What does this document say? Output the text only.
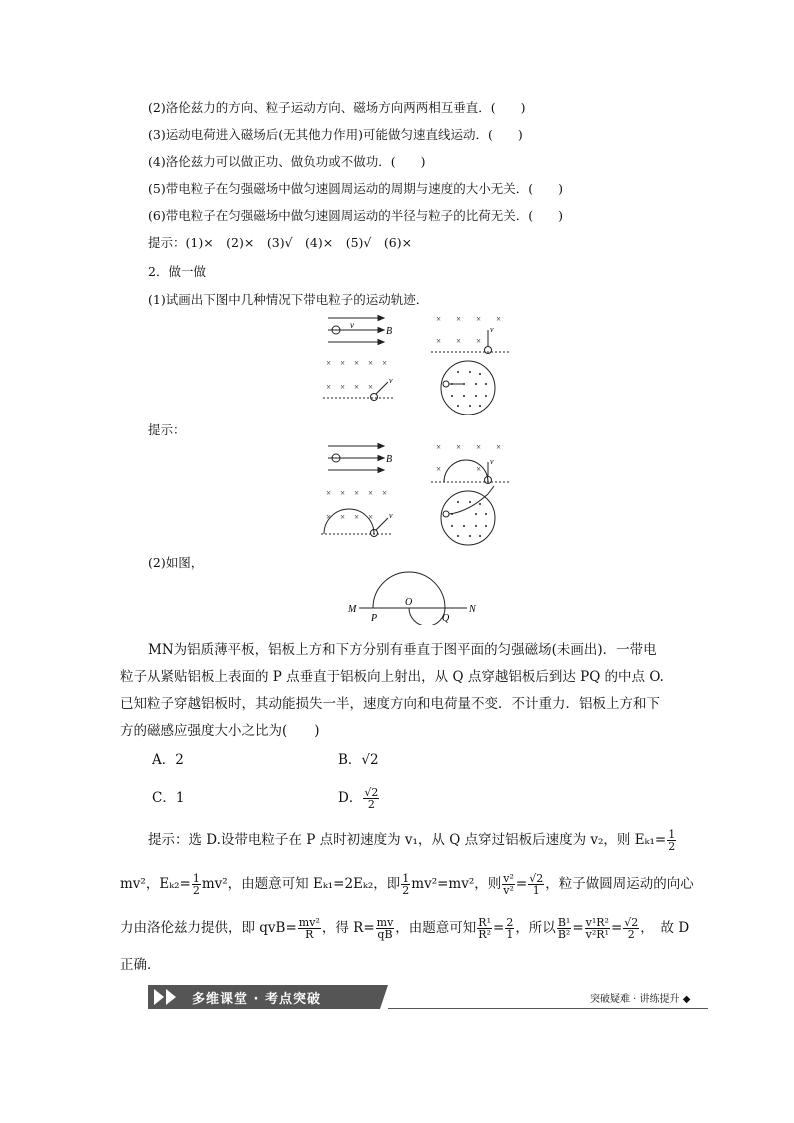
(2)洛伦兹力的方向、粒子运动方向、磁场方向两两相互垂直．(　　)
(3)运动电荷进入磁场后(无其他力作用)可能做匀速直线运动．(　　)
(4)洛伦兹力可以做正功、做负功或不做功．(　　)
(5)带电粒子在匀强磁场中做匀速圆周运动的周期与速度的大小无关．(　　)
(6)带电粒子在匀强磁场中做匀速圆周运动的半径与粒子的比荷无关．(　　)
提示：(1)×　(2)×　(3)√　(4)×　(5)√　(6)×
2．做一做
(1)试画出下图中几种情况下带电粒子的运动轨迹．
B
v
× × × × ×
× × × ×
v
× × × ×
× × ×
v
提示：
B
× × × × ×
× × × × v
× × × ×
×	×
v
(2)如图，
M	N
P
O
Q
MN为铝质薄平板，铝板上方和下方分别有垂直于图平面的匀强磁场(未画出)．一带电
粒子从紧贴铝板上表面的 P 点垂直于铝板向上射出，从 Q 点穿越铝板后到达 PQ 的中点 O.
已知粒子穿越铝板时，其动能损失一半，速度方向和电荷量不变．不计重力．铝板上方和下
方的磁感应强度大小之比为(　　)
A．2	B．√2
C．1	D． $\frac{√2}{2}$
提示：选 D.设带电粒子在 P 点时初速度为 v₁，从 Q 点穿过铝板后速度为 v₂，则 $E_{k1}= \frac{1}{2}$
mv²，$E_{k2}= \frac{1}{2} mv^2$，由题意可知 Eₖ₁=2Eₖ₂，即 $\frac{1}{2} mv^2=mv^2$，则 $\frac{\text{v²}}{\text{v²}} = \frac{√2}{1}$ ，粒子做圆周运动的向心
力由洛伦兹力提供，即 $qvB= \frac{\text{mv²}}{R}$ ，得 $R= \frac{mv}{qB}$ ，由题意可知 $\frac{\text{R¹}}{\text{R²}} = \frac{2}{1}$ ，所以 $\frac{\text{B¹}}{\text{B²}} = \frac{\text{v¹R²}}{\text{v²R¹}} = \frac{√2}{2}$ ，　故 D
正确．
多维课堂 · 考点突破	突破疑难 · 讲练提升 ◆
